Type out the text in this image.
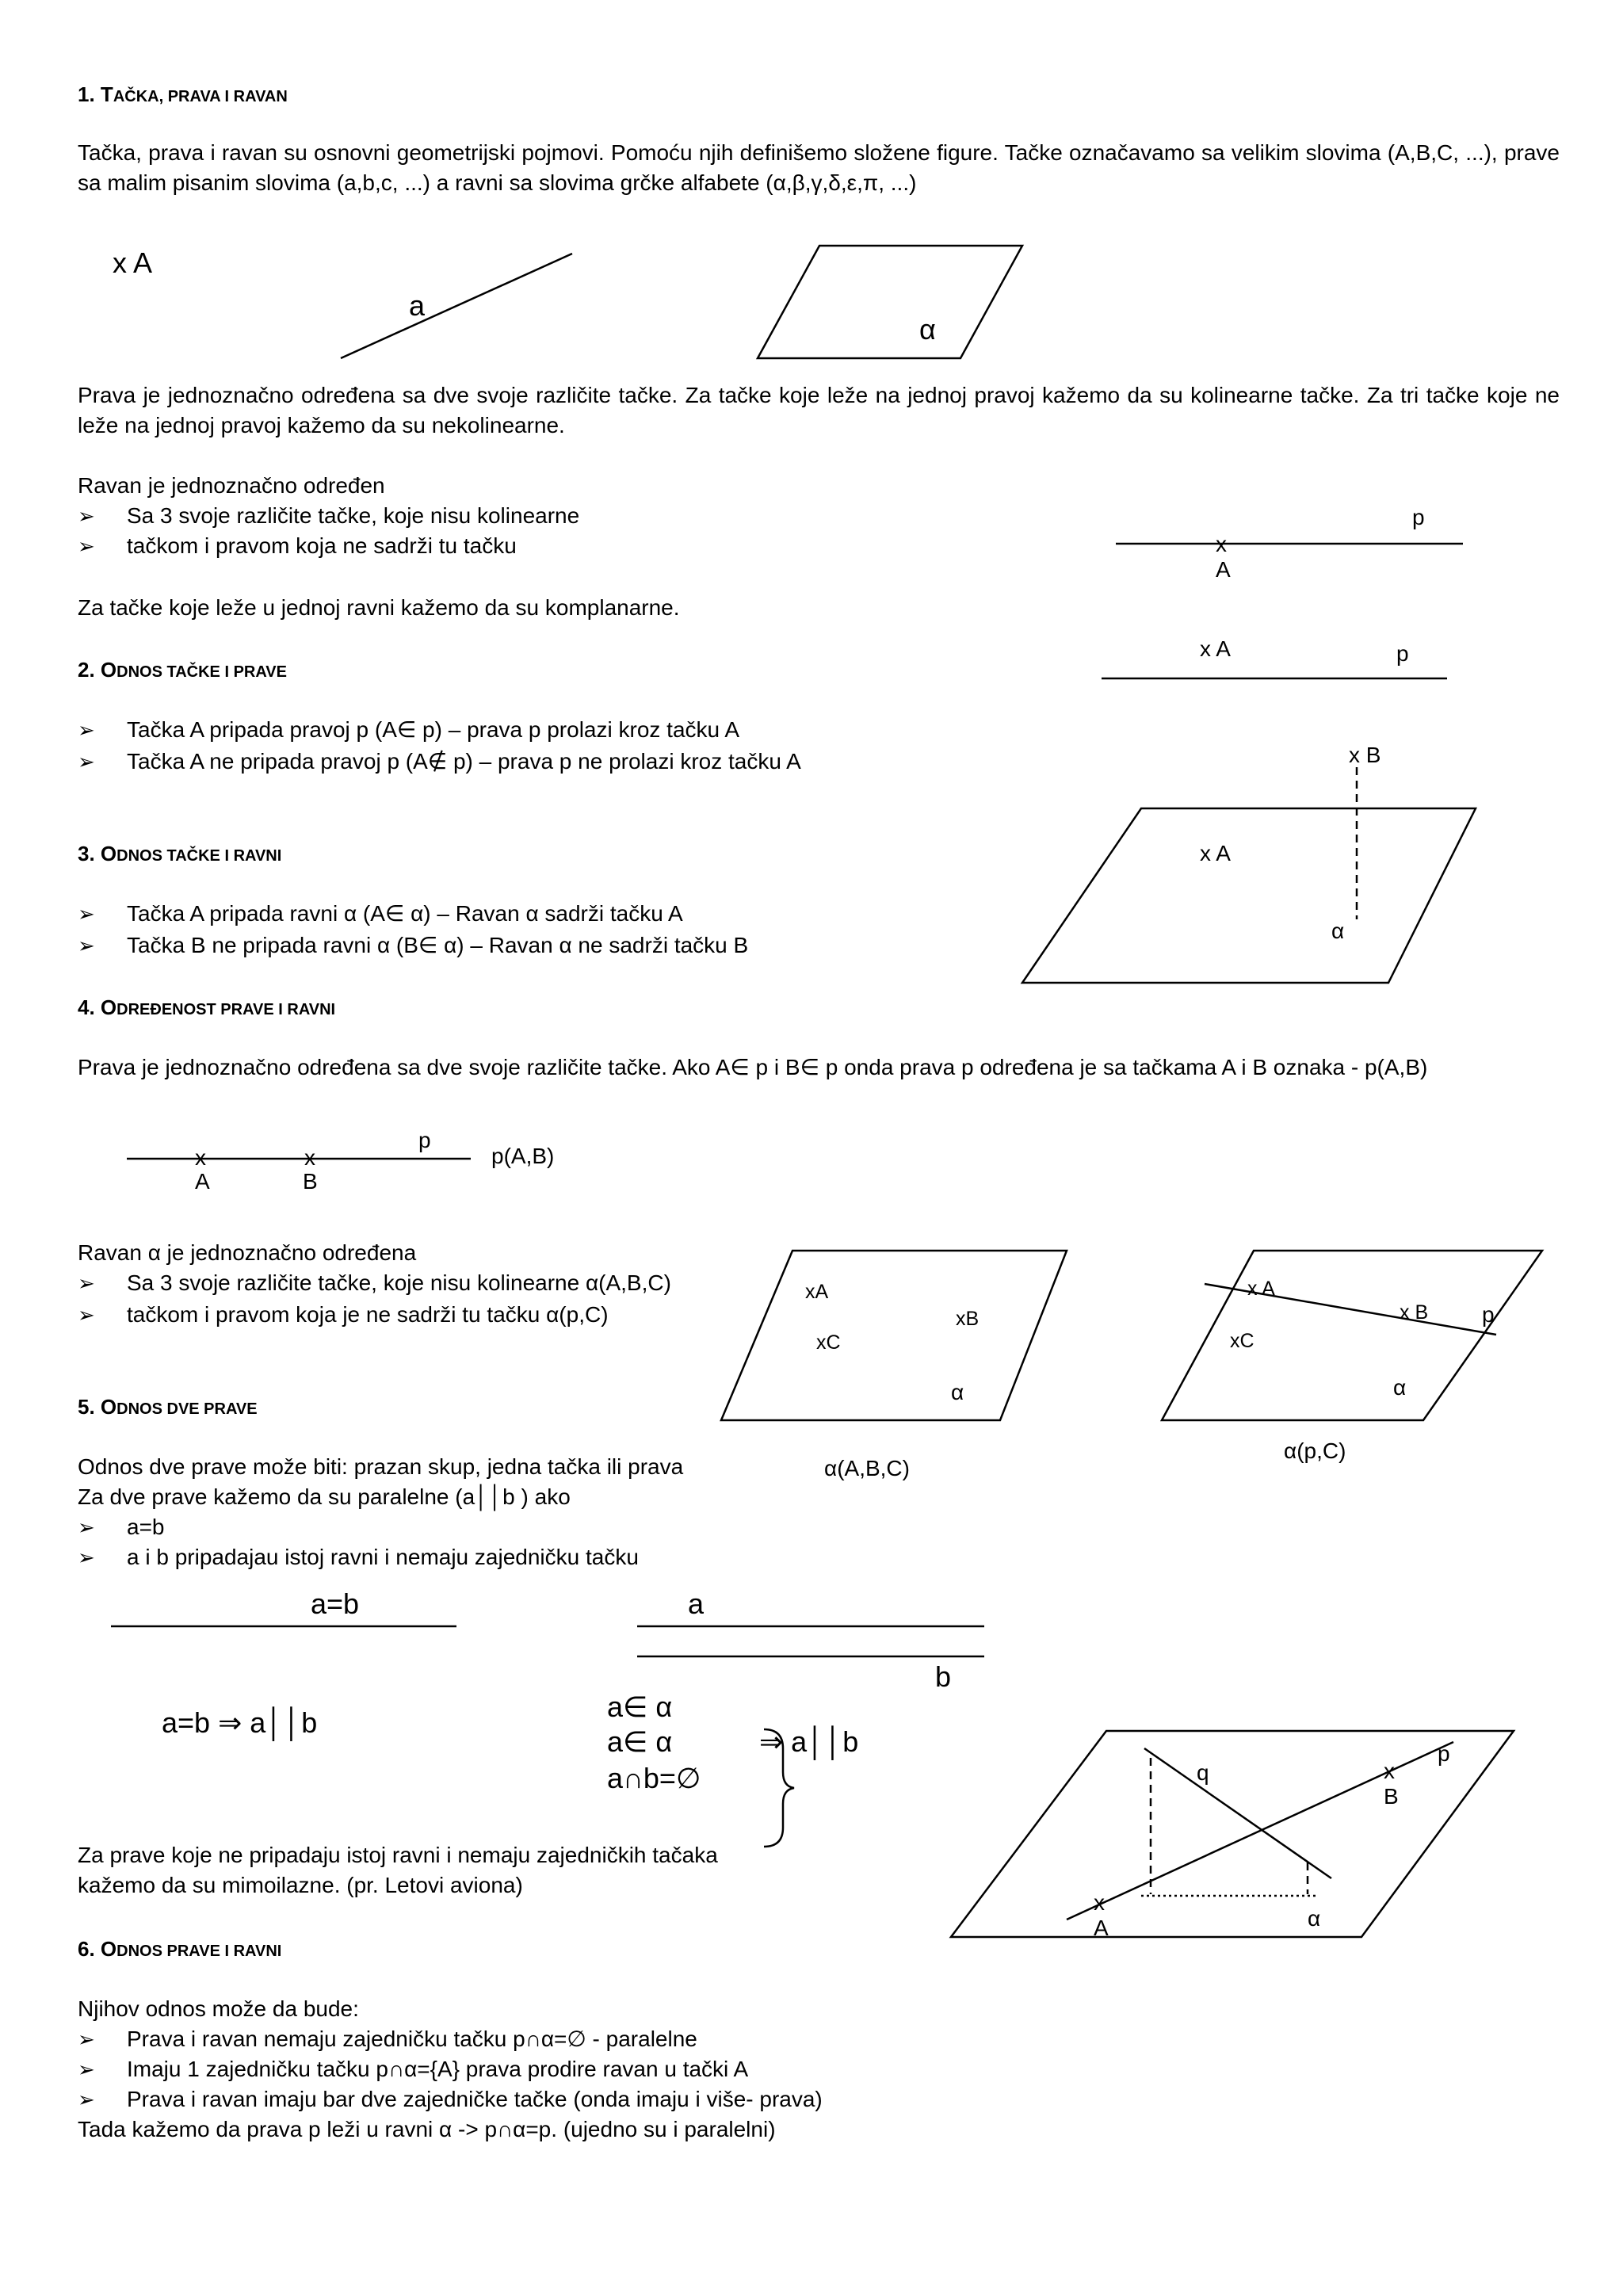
1. TAČKA, PRAVA I RAVAN
Tačka, prava i ravan su osnovni geometrijski pojmovi. Pomoću njih definišemo složene figure. Tačke označavamo sa velikim slovima (A,B,C, ...), prave sa malim pisanim slovima (a,b,c, ...) a ravni sa slovima grčke alfabete (α,β,γ,δ,ε,π, ...)
Prava je jednoznačno određena sa dve svoje različite tačke. Za tačke koje leže na jednoj pravoj kažemo da su kolinearne tačke. Za tri tačke koje ne leže na jednoj pravoj kažemo da su nekolinearne.
Ravan je jednoznačno određen
➢ Sa 3 svoje različite tačke, koje nisu kolinearne
➢ tačkom i pravom koja ne sadrži tu tačku
Za tačke koje leže u jednoj ravni kažemo da su komplanarne.
2. ODNOS TAČKE I PRAVE
➢ Tačka A pripada pravoj p (A∈ p) – prava p prolazi kroz tačku A
➢ Tačka A ne pripada pravoj p (A∉ p) – prava p ne prolazi kroz tačku A
3. ODNOS TAČKE I RAVNI
➢ Tačka A pripada ravni α (A∈ α) – Ravan α sadrži tačku A
➢ Tačka B ne pripada ravni α (B∈ α) – Ravan α ne sadrži tačku B
4. ODREĐENOST PRAVE I RAVNI
Prava je jednoznačno određena sa dve svoje različite tačke. Ako A∈ p i B∈ p onda prava p određena je sa tačkama A i B oznaka - p(A,B)
Ravan α je jednoznačno određena
➢ Sa 3 svoje različite tačke, koje nisu kolinearne α(A,B,C)
➢ tačkom i pravom koja je ne sadrži tu tačku α(p,C)
5. ODNOS DVE PRAVE
Odnos dve prave može biti: prazan skup, jedna tačka ili prava
Za dve prave kažemo da su paralelne (a││b ) ako
➢ a=b
➢ a i b pripadajau istoj ravni i nemaju zajedničku tačku
Za prave koje ne pripadaju istoj ravni i nemaju zajedničkih tačaka
kažemo da su mimoilazne. (pr. Letovi aviona)
6. ODNOS PRAVE I RAVNI
Njihov odnos može da bude:
➢ Prava i ravan nemaju zajedničku tačku p∩α=∅ - paralelne
➢ Imaju 1 zajedničku tačku p∩α={A} prava prodire ravan u tački A
➢ Prava i ravan imaju bar dve zajedničke tačke (onda imaju i više- prava)
Tada kažemo da prava p leži u ravni α -> p∩α=p. (ujedno su i paralelni)
x A
a
α
p
x
A
x A	p
x B
x A
α
x
A
x
B
p
p(A,B)
xA
xB
xC
α
α(A,B,C)
x A
x B p
xC
α
α(p,C)
a=b	a
b
a=b ⇒ a││b	a∈ α
a∈ α
a∩b=∅
⇒ a││b
q
p
x
B
x
A	α
